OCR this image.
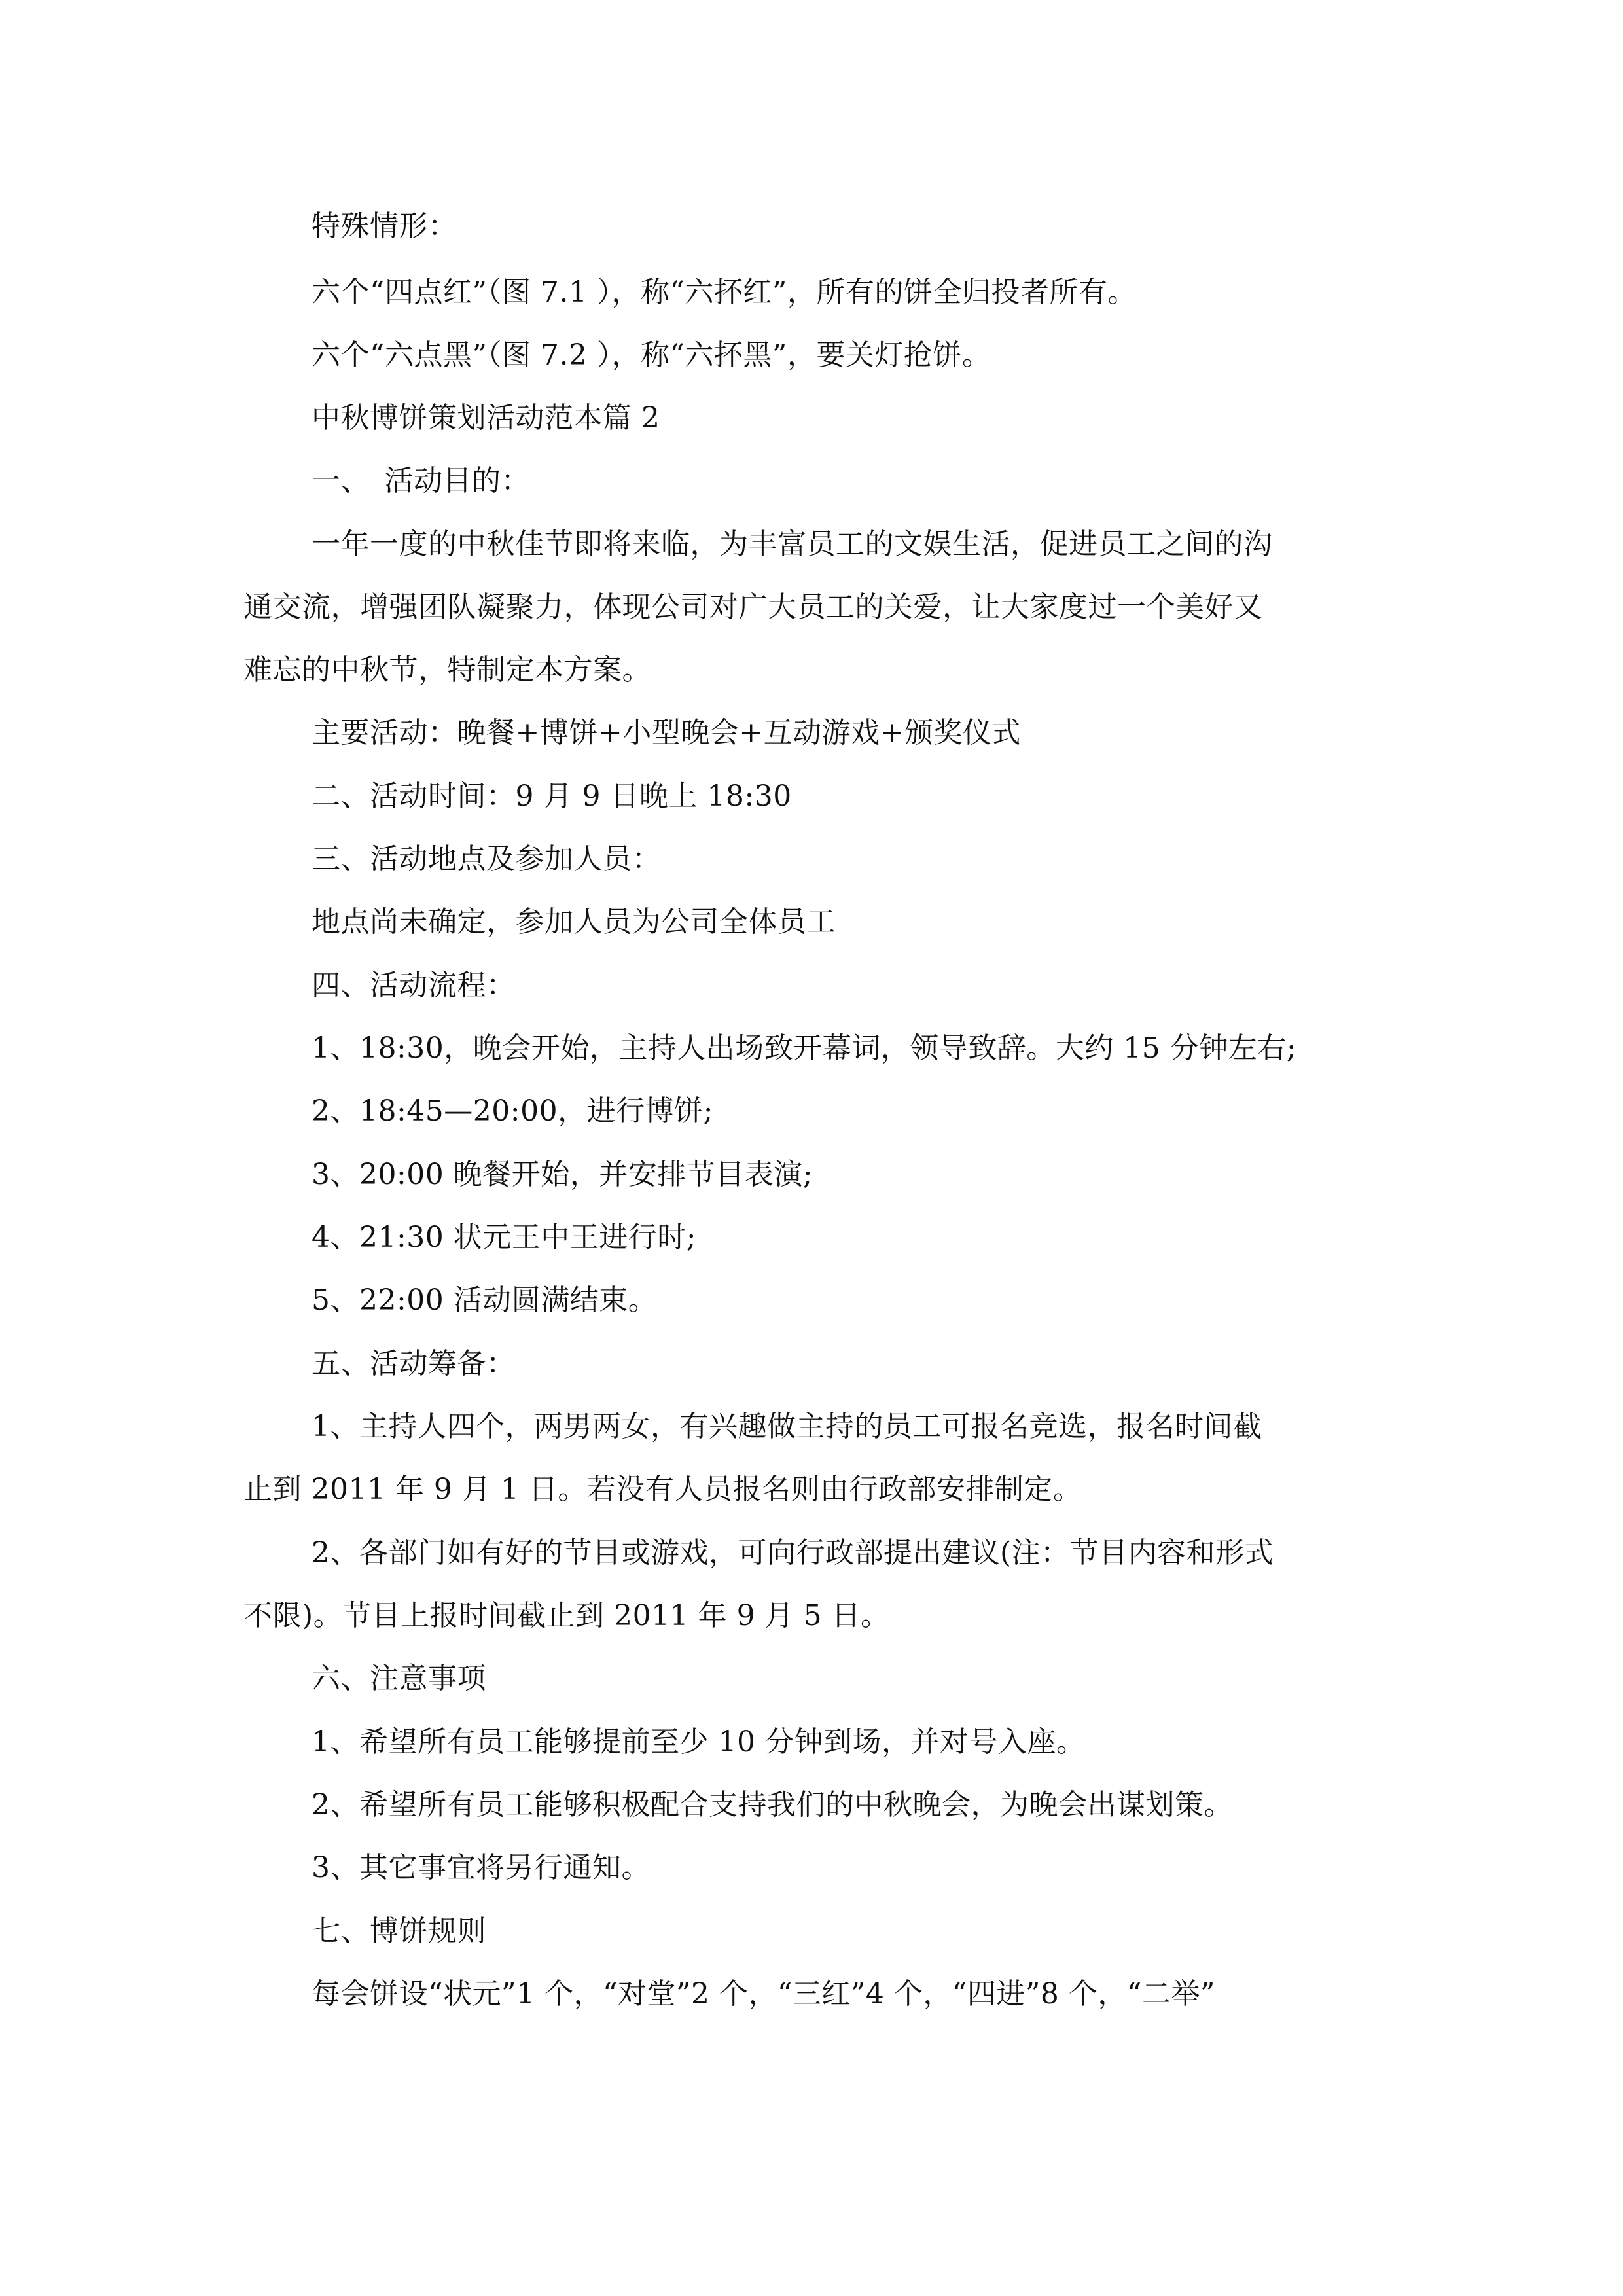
特殊情形：
六个“四点红”（图 7.1 ），称“六抔红”，所有的饼全归投者所有。
六个“六点黑”（图 7.2 ），称“六抔黑”，要关灯抢饼。
中秋博饼策划活动范本篇 2
一、　活动目的：
一年一度的中秋佳节即将来临，为丰富员工的文娱生活，促进员工之间的沟
通交流，增强团队凝聚力，体现公司对广大员工的关爱，让大家度过一个美好又
难忘的中秋节，特制定本方案。
主要活动：晚餐+博饼+小型晚会+互动游戏+颁奖仪式
二、活动时间：9 月 9 日晚上 18:30
三、活动地点及参加人员：
地点尚未确定，参加人员为公司全体员工
四、活动流程：
1、18:30，晚会开始，主持人出场致开幕词，领导致辞。大约 15 分钟左右;
2、18:45—20:00，进行博饼;
3、20:00 晚餐开始，并安排节目表演;
4、21:30 状元王中王进行时;
5、22:00 活动圆满结束。
五、活动筹备：
1、主持人四个，两男两女，有兴趣做主持的员工可报名竞选，报名时间截
止到 2011 年 9 月 1 日。若没有人员报名则由行政部安排制定。
2、各部门如有好的节目或游戏，可向行政部提出建议(注：节目内容和形式
不限)。节目上报时间截止到 2011 年 9 月 5 日。
六、注意事项
1、希望所有员工能够提前至少 10 分钟到场，并对号入座。
2、希望所有员工能够积极配合支持我们的中秋晚会，为晚会出谋划策。
3、其它事宜将另行通知。
七、博饼规则
每会饼设“状元”1 个，“对堂”2 个，“三红”4 个，“四进”8 个，“二举”
